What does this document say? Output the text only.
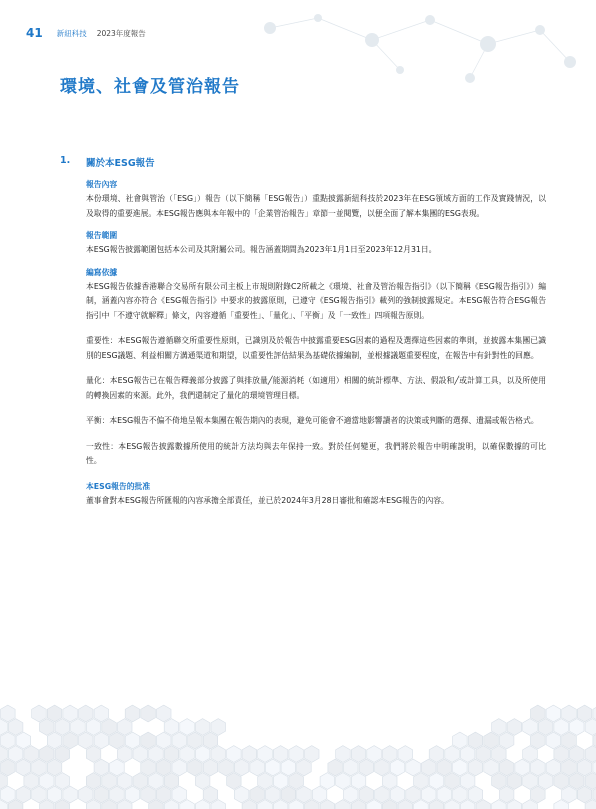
41 新紐科技 2023年度報告
環境、社會及管治報告
1.	關於本ESG報告

報告內容

本份環境、社會與管治（「ESG」）報告（以下簡稱「ESG報告」）重點披露新紐科技於2023年在ESG領域方面的工作及實踐情況，以及取得的重要進展。本ESG報告應與本年報中的「企業管治報告」章節一並閱覽，以便全面了解本集團的ESG表現。

報告範圍

本ESG報告披露範圍包括本公司及其附屬公司。報告涵蓋期間為2023年1月1日至2023年12月31日。

編寫依據

本ESG報告依據香港聯合交易所有限公司主板上市規則附錄C2所載之《環境、社會及管治報告指引》（以下簡稱《ESG報告指引》）編制，涵蓋內容亦符合《ESG報告指引》中要求的披露原則，已遵守《ESG報告指引》載列的強制披露規定。本ESG報告符合ESG報告指引中「不遵守就解釋」條文，內容遵循「重要性」、「量化」、「平衡」及「一致性」四項報告原則。

重要性：本ESG報告遵循聯交所重要性原則，已識別及於報告中披露重要ESG因素的過程及選擇這些因素的準則，並披露本集團已識別的ESG議題、利益相關方溝通渠道和期望，以重要性評估結果為基礎依據編制，並根據議題重要程度，在報告中有針對性的回應。

量化：本ESG報告已在報告釋義部分披露了與排放量╱能源消耗（如適用）相關的統計標準、方法、假設和╱或計算工具，以及所使用的轉換因素的來源。此外，我們還制定了量化的環境管理目標。

平衡：本ESG報告不偏不倚地呈報本集團在報告期內的表現，避免可能會不適當地影響讀者的決策或判斷的選擇、遺漏或報告格式。

一致性：本ESG報告披露數據所使用的統計方法均與去年保持一致。對於任何變更，我們將於報告中明確說明，以確保數據的可比性。

本ESG報告的批准

董事會對本ESG報告所匯報的內容承擔全部責任，並已於2024年3月28日審批和確認本ESG報告的內容。
